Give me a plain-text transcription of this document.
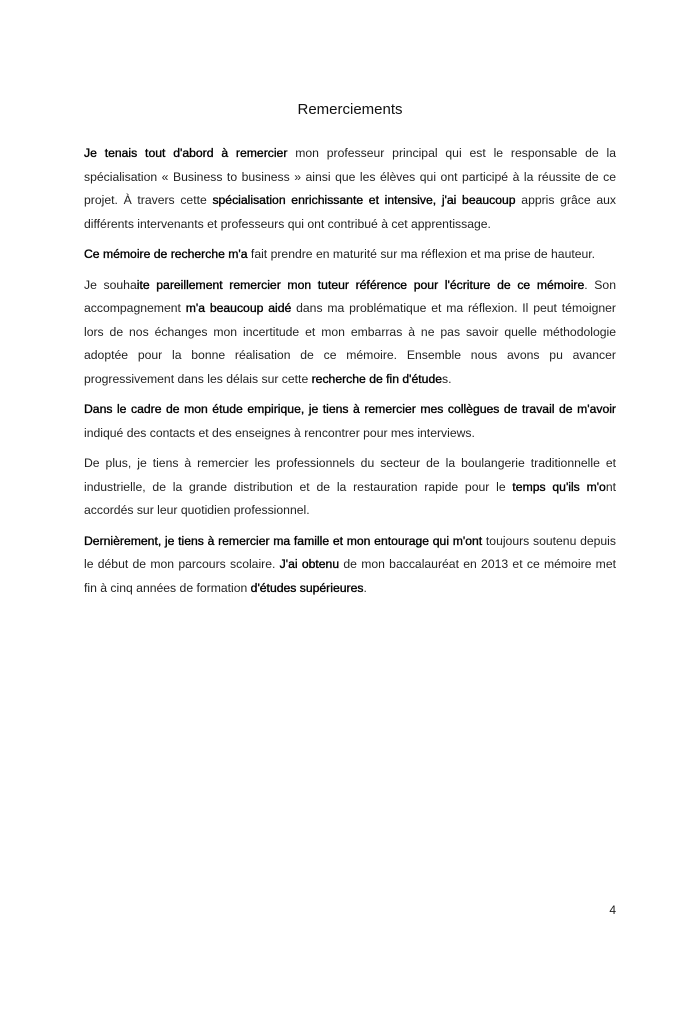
Remerciements

Je tenais tout d'abord à remercier mon professeur principal qui est le responsable de la spécialisation « Business to business » ainsi que les élèves qui ont participé à la réussite de ce projet. À travers cette spécialisation enrichissante et intensive, j'ai beaucoup appris grâce aux différents intervenants et professeurs qui ont contribué à cet apprentissage.

Ce mémoire de recherche m'a fait prendre en maturité sur ma réflexion et ma prise de hauteur.

Je souhaite pareillement remercier mon tuteur référence pour l'écriture de ce mémoire. Son accompagnement m'a beaucoup aidé dans ma problématique et ma réflexion. Il peut témoigner lors de nos échanges mon incertitude et mon embarras à ne pas savoir quelle méthodologie adoptée pour la bonne réalisation de ce mémoire. Ensemble nous avons pu avancer progressivement dans les délais sur cette recherche de fin d'études.

Dans le cadre de mon étude empirique, je tiens à remercier mes collègues de travail de m'avoir indiqué des contacts et des enseignes à rencontrer pour mes interviews.

De plus, je tiens à remercier les professionnels du secteur de la boulangerie traditionnelle et industrielle, de la grande distribution et de la restauration rapide pour le temps qu'ils m'ont accordés sur leur quotidien professionnel.

Dernièrement, je tiens à remercier ma famille et mon entourage qui m'ont toujours soutenu depuis le début de mon parcours scolaire. J'ai obtenu de mon baccalauréat en 2013 et ce mémoire met fin à cinq années de formation d'études supérieures.

4
